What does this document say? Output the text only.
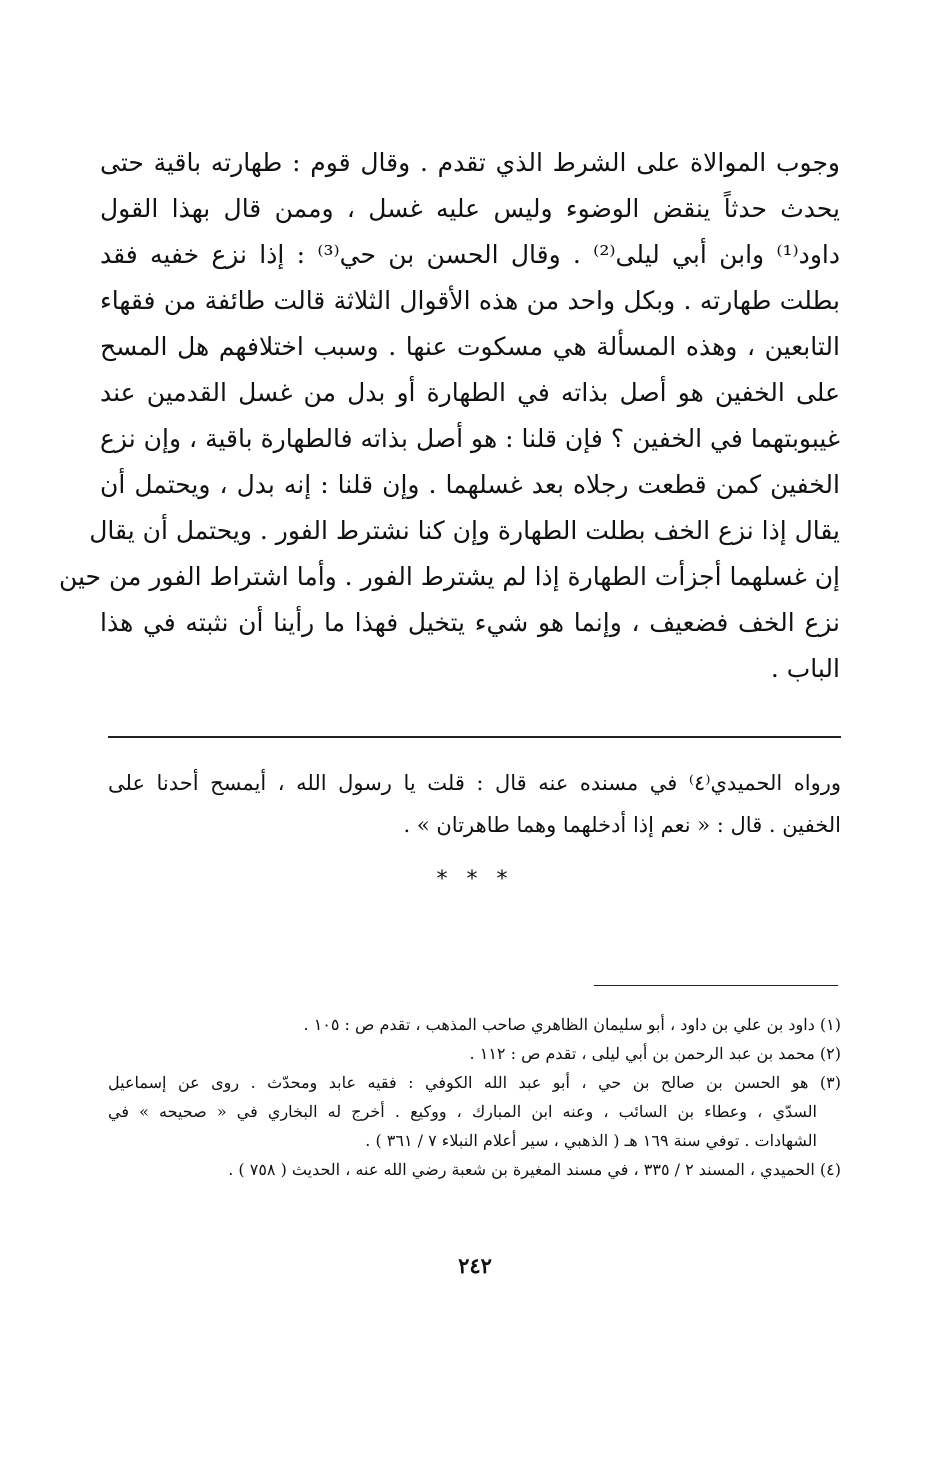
وجوب الموالاة على الشرط الذي تقدم . وقال قوم : طهارته باقية حتى
يحدث حدثاً ينقض الوضوء وليس عليه غسل ، وممن قال بهذا القول
داود⁽¹⁾ وابن أبي ليلى⁽²⁾ . وقال الحسن بن حي⁽³⁾ : إذا نزع خفيه فقد
بطلت طهارته . وبكل واحد من هذه الأقوال الثلاثة قالت طائفة من فقهاء
التابعين ، وهذه المسألة هي مسكوت عنها . وسبب اختلافهم هل المسح
على الخفين هو أصل بذاته في الطهارة أو بدل من غسل القدمين عند
غيبوبتهما في الخفين ؟ فإن قلنا : هو أصل بذاته فالطهارة باقية ، وإن نزع
الخفين كمن قطعت رجلاه بعد غسلهما . وإن قلنا : إنه بدل ، ويحتمل أن
يقال إذا نزع الخف بطلت الطهارة وإن كنا نشترط الفور . ويحتمل أن يقال
إن غسلهما أجزأت الطهارة إذا لم يشترط الفور . وأما اشتراط الفور من حين
نزع الخف فضعيف ، وإنما هو شيء يتخيل فهذا ما رأينا أن نثبته في هذا
الباب .
ورواه الحميدي⁽٤⁾ في مسنده عنه قال : قلت يا رسول الله ، أيمسح أحدنا على
الخفين . قال : « نعم إذا أدخلهما وهما طاهرتان » .
* * *
(١) داود بن علي بن داود ، أبو سليمان الظاهري صاحب المذهب ، تقدم ص : ١٠٥ .
(٢) محمد بن عبد الرحمن بن أبي ليلى ، تقدم ص : ١١٢ .
(٣) هو الحسن بن صالح بن حي ، أبو عبد الله الكوفي : فقيه عابد ومحدّث . روى عن إسماعيل
السدّي ، وعطاء بن السائب ، وعنه ابن المبارك ، ووكيع . أخرج له البخاري في « صحيحه » في
الشهادات . توفي سنة ١٦٩ هـ ( الذهبي ، سير أعلام النبلاء ٧ / ٣٦١ ) .
(٤) الحميدي ، المسند ٢ / ٣٣٥ ، في مسند المغيرة بن شعبة رضي الله عنه ، الحديث ( ٧٥٨ ) .
٢٤٢
